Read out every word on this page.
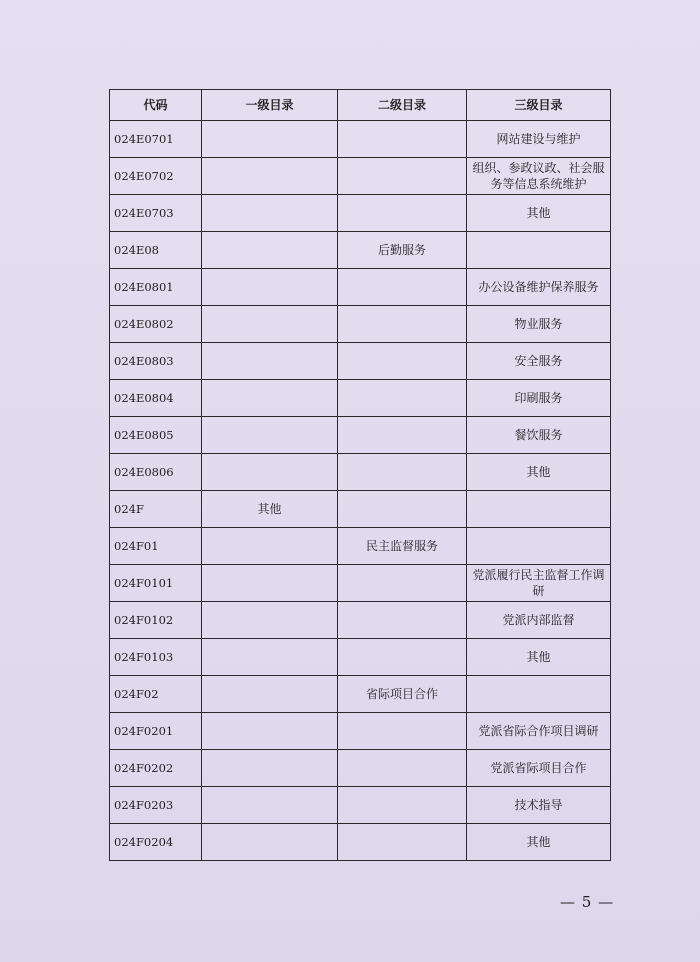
代码	一级目录	二级目录	三级目录
024E0701			网站建设与维护
024E0702			组织、参政议政、社会服务等信息系统维护
024E0703			其他
024E08		后勤服务	
024E0801			办公设备维护保养服务
024E0802			物业服务
024E0803			安全服务
024E0804			印刷服务
024E0805			餐饮服务
024E0806			其他
024F	其他		
024F01		民主监督服务	
024F0101			党派履行民主监督工作调研
024F0102			党派内部监督
024F0103			其他
024F02		省际项目合作	
024F0201			党派省际合作项目调研
024F0202			党派省际项目合作
024F0203			技术指导
024F0204			其他
— 5 —
